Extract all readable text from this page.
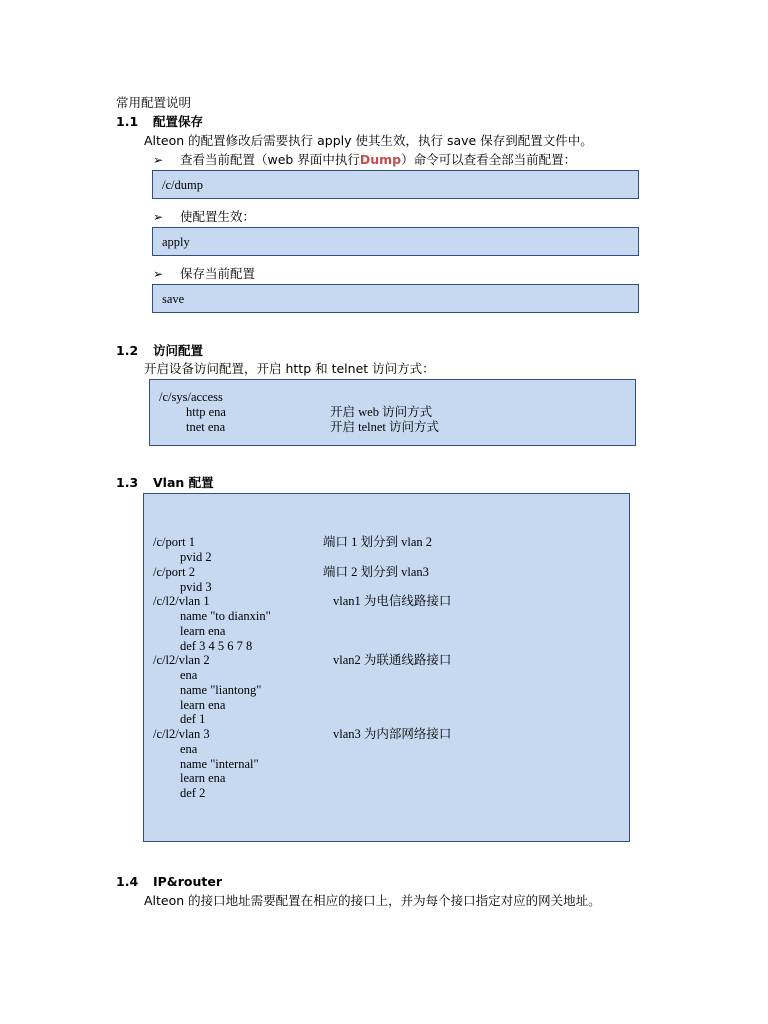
常用配置说明
1.1 配置保存
Alteon 的配置修改后需要执行 apply 使其生效，执行 save 保存到配置文件中。
➢ 查看当前配置（web 界面中执行Dump）命令可以查看全部当前配置：
/c/dump
➢ 使配置生效：
apply
➢ 保存当前配置
save
1.2 访问配置
开启设备访问配置，开启 http 和 telnet 访问方式：
/c/sys/access
http ena	开启 web 访问方式
tnet ena	开启 telnet 访问方式
1.3 Vlan 配置
/c/port 1	端口 1 划分到 vlan 2
pvid 2
/c/port 2	端口 2 划分到 vlan3
pvid 3
/c/l2/vlan 1	vlan1 为电信线路接口
name "to dianxin"
learn ena
def 3 4 5 6 7 8
/c/l2/vlan 2	vlan2 为联通线路接口
ena
name "liantong"
learn ena
def 1
/c/l2/vlan 3	vlan3 为内部网络接口
ena
name "internal"
learn ena
def 2
1.4 IP&router
Alteon 的接口地址需要配置在相应的接口上，并为每个接口指定对应的网关地址。
